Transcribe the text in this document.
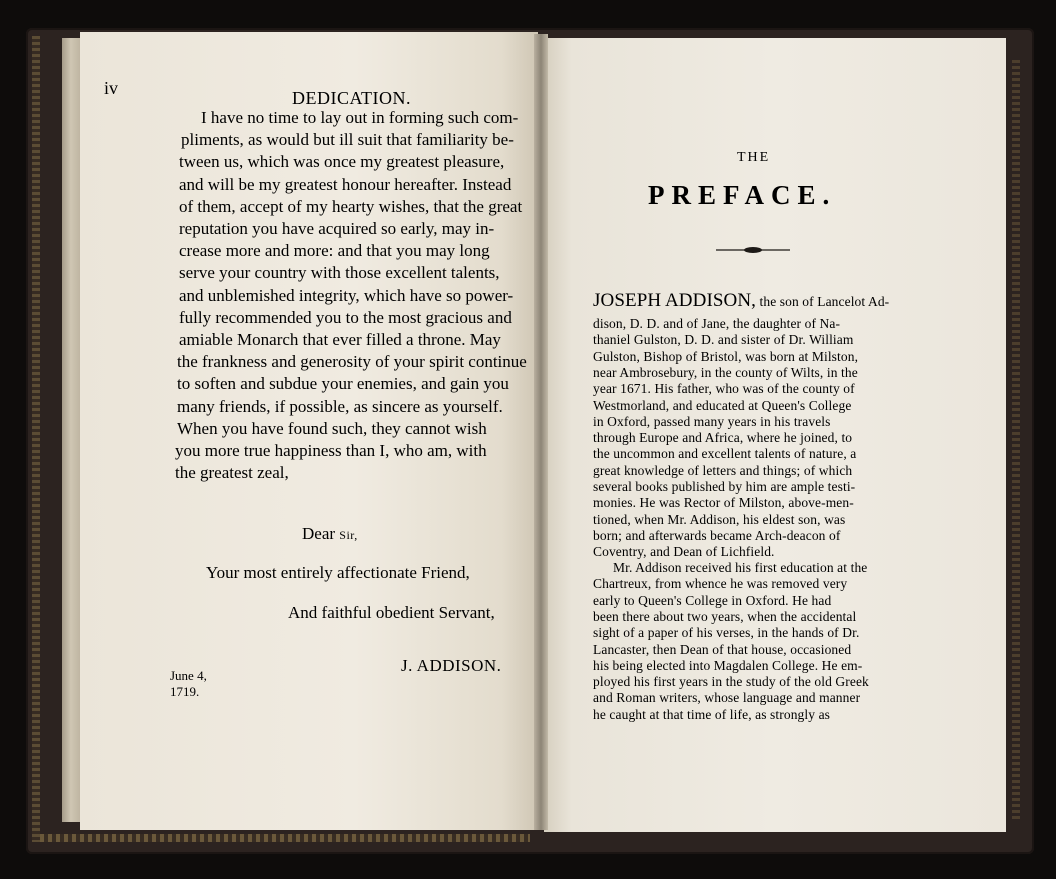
iv	DEDICATION.
I have no time to lay out in forming such com-
pliments, as would but ill suit that familiarity be-
tween us, which was once my greatest pleasure,
and will be my greatest honour hereafter. Instead
of them, accept of my hearty wishes, that the great
reputation you have acquired so early, may in-
crease more and more: and that you may long
serve your country with those excellent talents,
and unblemished integrity, which have so power-
fully recommended you to the most gracious and
amiable Monarch that ever filled a throne. May
the frankness and generosity of your spirit continue
to soften and subdue your enemies, and gain you
many friends, if possible, as sincere as yourself.
When you have found such, they cannot wish
you more true happiness than I, who am, with
the greatest zeal,
Dear Sir,
Your most entirely affectionate Friend,
And faithful obedient Servant,
J. ADDISON.
June 4,
1719.
THE
PREFACE.
JOSEPH ADDISON, the son of Lancelot Ad-
dison, D. D. and of Jane, the daughter of Na-
thaniel Gulston, D. D. and sister of Dr. William
Gulston, Bishop of Bristol, was born at Milston,
near Ambrosebury, in the county of Wilts, in the
year 1671. His father, who was of the county of
Westmorland, and educated at Queen's College
in Oxford, passed many years in his travels
through Europe and Africa, where he joined, to
the uncommon and excellent talents of nature, a
great knowledge of letters and things; of which
several books published by him are ample testi-
monies. He was Rector of Milston, above-men-
tioned, when Mr. Addison, his eldest son, was
born; and afterwards became Arch-deacon of
Coventry, and Dean of Lichfield.
Mr. Addison received his first education at the
Chartreux, from whence he was removed very
early to Queen's College in Oxford. He had
been there about two years, when the accidental
sight of a paper of his verses, in the hands of Dr.
Lancaster, then Dean of that house, occasioned
his being elected into Magdalen College. He em-
ployed his first years in the study of the old Greek
and Roman writers, whose language and manner
he caught at that time of life, as strongly as
